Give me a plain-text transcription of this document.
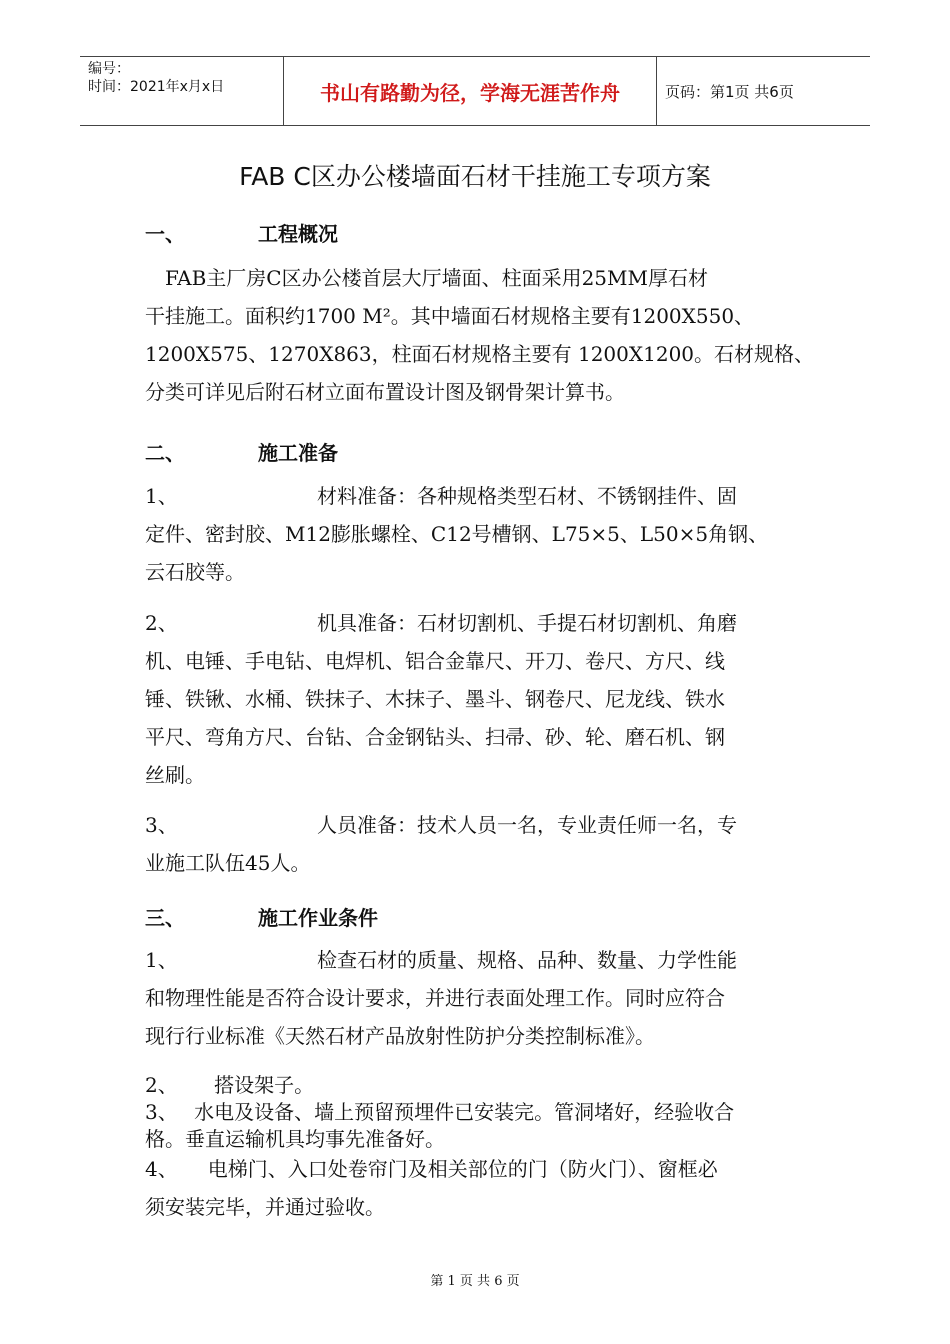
编号：
时间：2021年x月x日	书山有路勤为径，学海无涯苦作舟	页码：第1页 共6页
FAB C区办公楼墙面石材干挂施工专项方案
一、	工程概况
　FAB主厂房C区办公楼首层大厅墙面、柱面采用25MM厚石材
干挂施工。面积约1700 M²。其中墙面石材规格主要有1200X550、
1200X575、1270X863，柱面石材规格主要有 1200X1200。石材规格、
分类可详见后附石材立面布置设计图及钢骨架计算书。
二、	施工准备
1、	材料准备：各种规格类型石材、不锈钢挂件、固
定件、密封胶、M12膨胀螺栓、C12号槽钢、L75×5、L50×5角钢、
云石胶等。
2、	机具准备：石材切割机、手提石材切割机、角磨
机、电锤、手电钻、电焊机、铝合金靠尺、开刀、卷尺、方尺、线
锤、铁锹、水桶、铁抹子、木抹子、墨斗、钢卷尺、尼龙线、铁水
平尺、弯角方尺、台钻、合金钢钻头、扫帚、砂、轮、磨石机、钢
丝刷。
3、	人员准备：技术人员一名，专业责任师一名，专
业施工队伍45人。
三、	施工作业条件
1、	检查石材的质量、规格、品种、数量、力学性能
和物理性能是否符合设计要求，并进行表面处理工作。同时应符合
现行行业标准《天然石材产品放射性防护分类控制标准》。
2、　　 搭设架子。
3、　 水电及设备、墙上预留预埋件已安装完。管洞堵好，经验收合
格。垂直运输机具均事先准备好。
4、　　电梯门、入口处卷帘门及相关部位的门（防火门）、窗框必
须安装完毕，并通过验收。
第 1 页 共 6 页
